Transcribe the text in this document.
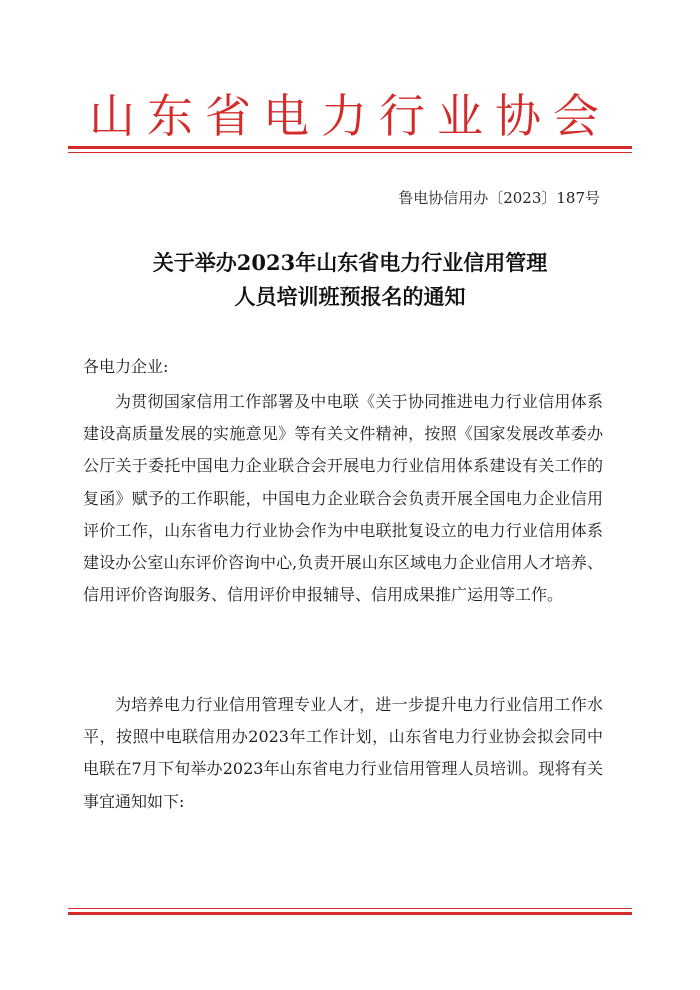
山东省电力行业协会
鲁电协信用办〔2023〕187号
关于举办2023年山东省电力行业信用管理
人员培训班预报名的通知
各电力企业:

为贯彻国家信用工作部署及中电联《关于协同推进电力行业信用体系建设高质量发展的实施意见》等有关文件精神，按照《国家发展改革委办公厅关于委托中国电力企业联合会开展电力行业信用体系建设有关工作的复函》赋予的工作职能，中国电力企业联合会负责开展全国电力企业信用评价工作，山东省电力行业协会作为中电联批复设立的电力行业信用体系建设办公室山东评价咨询中心,负责开展山东区域电力企业信用人才培养、信用评价咨询服务、信用评价申报辅导、信用成果推广运用等工作。

为培养电力行业信用管理专业人才，进一步提升电力行业信用工作水平，按照中电联信用办2023年工作计划，山东省电力行业协会拟会同中电联在7月下旬举办2023年山东省电力行业信用管理人员培训。现将有关事宜通知如下:
